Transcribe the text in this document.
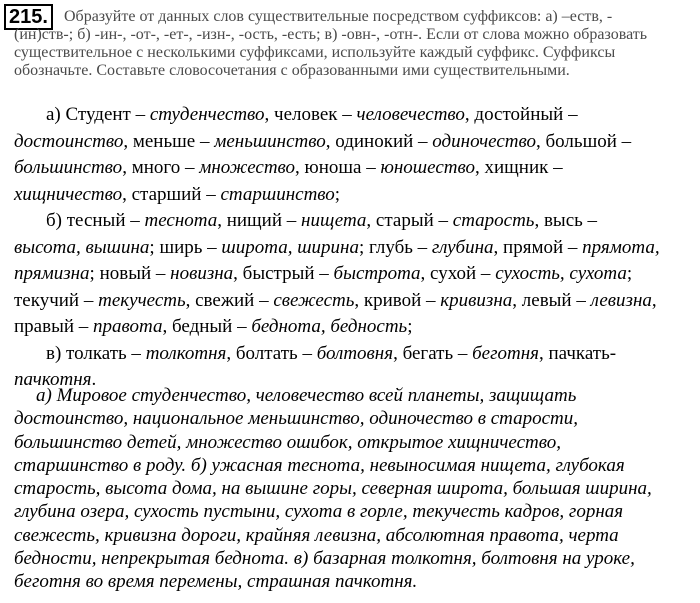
215.	Образуйте от данных слов существительные посредством суффиксов: а) –еств, -
(ин)ств-; б) -ин-, -от-, -ет-, -изн-, -ость, -есть; в) -овн-, -отн-. Если от слова можно образовать
существительное с несколькими суффиксами, используйте каждый суффикс. Суффиксы
обозначьте. Составьте словосочетания с образованными ими существительными.
а) Студент – студенчество, человек – человечество, достойный –
достоинство, меньше – меньшинство, одинокий – одиночество, большой –
большинство, много – множество, юноша – юношество, хищник –
хищничество, старший – старшинство;
б) тесный – теснота, нищий – нищета, старый – старость, высь –
высота, вышина; ширь – широта, ширина; глубь – глубина, прямой – прямота,
прямизна; новый – новизна, быстрый – быстрота, сухой – сухость, сухота;
текучий – текучесть, свежий – свежесть, кривой – кривизна, левый – левизна,
правый – правота, бедный – беднота, бедность;
в) толкать – толкотня, болтать – болтовня, бегать – беготня, пачкать-
пачкотня.
а) Мировое студенчество, человечество всей планеты, защищать
достоинство, национальное меньшинство, одиночество в старости,
большинство детей, множество ошибок, открытое хищничество,
старшинство в роду. б) ужасная теснота, невыносимая нищета, глубокая
старость, высота дома, на вышине горы, северная широта, большая ширина,
глубина озера, сухость пустыни, сухота в горле, текучесть кадров, горная
свежесть, кривизна дороги, крайняя левизна, абсолютная правота, черта
бедности, непрекрытая беднота. в) базарная толкотня, болтовня на уроке,
беготня во время перемены, страшная пачкотня.
